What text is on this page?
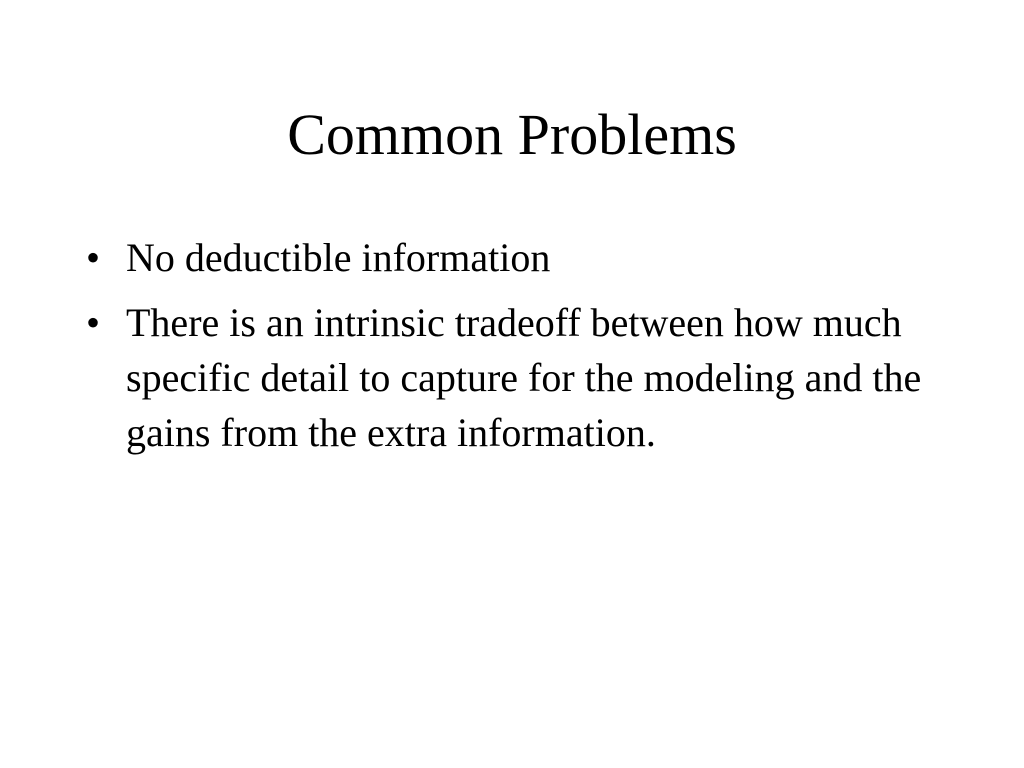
Common Problems
• No deductible information
• There is an intrinsic tradeoff between how much specific detail to capture for the modeling and the gains from the extra information.
